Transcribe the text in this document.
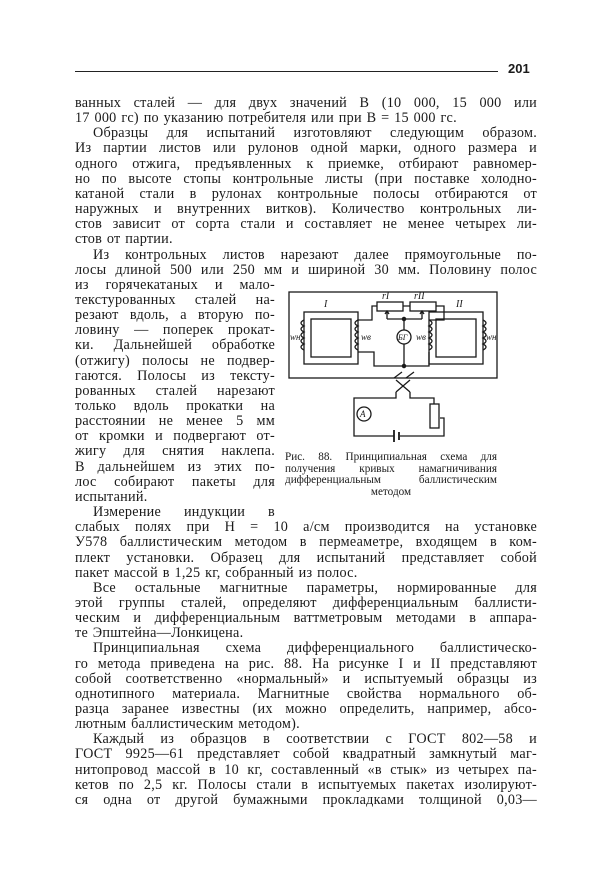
201
ванных сталей — для двух значений B (10 000, 15 000 или
17 000 гс) по указанию потребителя или при B = 15 000 гс.
Образцы для испытаний изготовляют следующим образом.
Из партии листов или рулонов одной марки, одного размера и
одного отжига, предъявленных к приемке, отбирают равномер-
но по высоте стопы контрольные листы (при поставке холодно-
катаной стали в рулонах контрольные полосы отбираются от
наружных и внутренних витков). Количество контрольных ли-
стов зависит от сорта стали и составляет не менее четырех ли-
стов от партии.
Из контрольных листов нарезают далее прямоугольные по-
лосы длиной 500 или 250 мм и шириной 30 мм. Половину полос
из горячекатаных и мало-
текстурованных сталей на-
резают вдоль, а вторую по-
ловину — поперек прокат-
ки. Дальнейшей обработке
(отжигу) полосы не подвер-
гаются. Полосы из тексту-
рованных сталей нарезают
только вдоль прокатки на
расстоянии не менее 5 мм
от кромки и подвергают от-
жигу для снятия наклепа.
В дальнейшем из этих по-
лос собирают пакеты для
испытаний.
Измерение индукции в
слабых полях при H = 10 а/см производится на установке
У578 баллистическим методом в пермеаметре, входящем в ком-
плект установки. Образец для испытаний представляет собой
пакет массой в 1,25 кг, собранный из полос.
Все остальные магнитные параметры, нормированные для
этой группы сталей, определяют дифференциальным баллисти-
ческим и дифференциальным ваттметровым методами в аппара-
те Эпштейна—Лонкицена.
Принципиальная схема дифференциального баллистическо-
го метода приведена на рис. 88. На рисунке I и II представляют
собой соответственно «нормальный» и испытуемый образцы из
однотипного материала. Магнитные свойства нормального об-
разца заранее известны (их можно определить, например, абсо-
лютным баллистическим методом).
Каждый из образцов в соответствии с ГОСТ 802—58 и
ГОСТ 9925—61 представляет собой квадратный замкнутый маг-
нитопровод массой в 10 кг, составленный «в стык» из четырех па-
кетов по 2,5 кг. Полосы стали в испытуемых пакетах изолируют-
ся одна от другой бумажными прокладками толщиной 0,03—
I	II
rI rII
wн	wв	wв	wн
БГ
A
Рис. 88. Принципиальная схема для
получения кривых намагничивания
дифференциальным баллистическим
методом
